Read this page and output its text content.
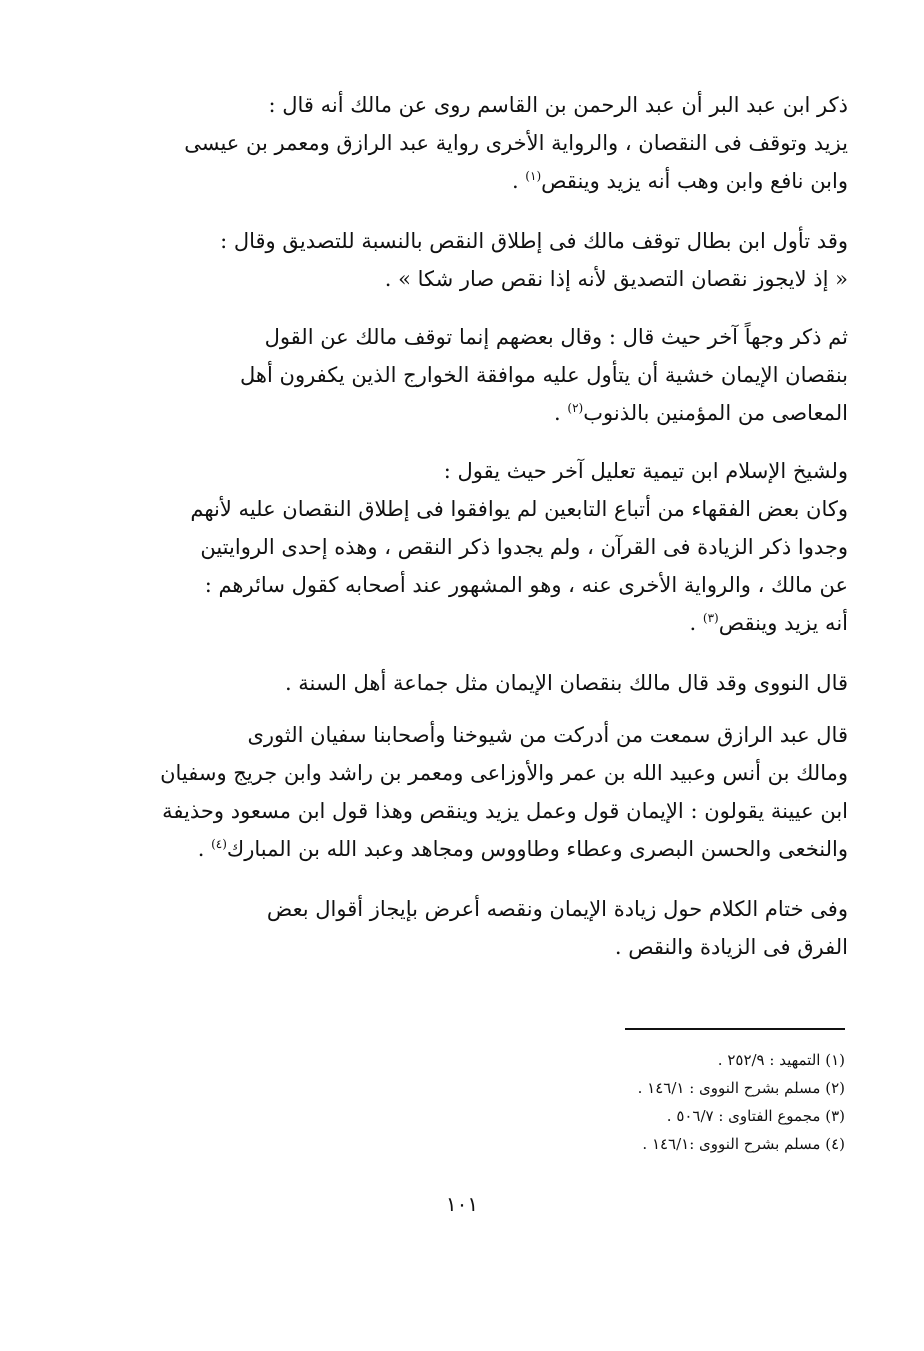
ذكر ابن عبد البر أن عبد الرحمن بن القاسم روى عن مالك أنه قال :

يزيد وتوقف فى النقصان ، والرواية الأخرى رواية عبد الرازق ومعمر بن عيسى

وابن نافع وابن وهب أنه يزيد وينقص$^{(١)}$ .

وقد تأول ابن بطال توقف مالك فى إطلاق النقص بالنسبة للتصديق وقال :

« إذ لايجوز نقصان التصديق لأنه إذا نقص صار شكا » .

ثم ذكر وجهاً آخر حيث قال : وقال بعضهم إنما توقف مالك عن القول

بنقصان الإيمان خشية أن يتأول عليه موافقة الخوارج الذين يكفرون أهل

المعاصى من المؤمنين بالذنوب$^{(٢)}$ .

ولشيخ الإسلام ابن تيمية تعليل آخر حيث يقول :

وكان بعض الفقهاء من أتباع التابعين لم يوافقوا فى إطلاق النقصان عليه لأنهم

وجدوا ذكر الزيادة فى القرآن ، ولم يجدوا ذكر النقص ، وهذه إحدى الروايتين

عن مالك ، والرواية الأخرى عنه ، وهو المشهور عند أصحابه كقول سائرهم :

أنه يزيد وينقص$^{(٣)}$ .

قال النووى وقد قال مالك بنقصان الإيمان مثل جماعة أهل السنة .

قال عبد الرازق سمعت من أدركت من شيوخنا وأصحابنا سفيان الثورى

ومالك بن أنس وعبيد الله بن عمر والأوزاعى ومعمر بن راشد وابن جريج وسفيان

ابن عيينة يقولون : الإيمان قول وعمل يزيد وينقص وهذا قول ابن مسعود وحذيفة

والنخعى والحسن البصرى وعطاء وطاووس ومجاهد وعبد الله بن المبارك$^{(٤)}$ .

وفى ختام الكلام حول زيادة الإيمان ونقصه أعرض بإيجاز أقوال بعض

الفرق فى الزيادة والنقص .

(١) التمهيد : ٢٥٢/٩ .
(٢) مسلم بشرح النووى : ١٤٦/١ .
(٣) مجموع الفتاوى : ٥٠٦/٧ .
(٤) مسلم بشرح النووى :١٤٦/١ .
١٠١
